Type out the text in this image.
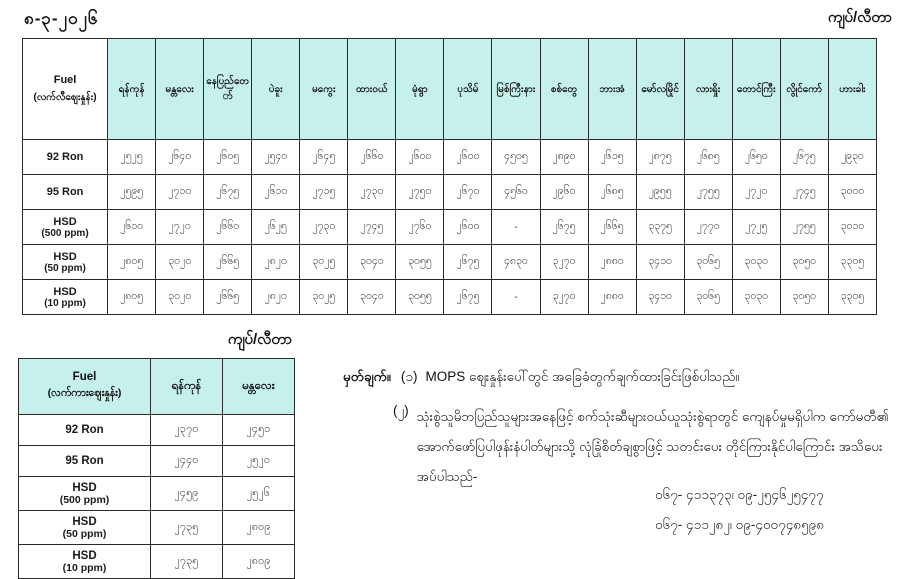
၈-၃-၂၀၂၆	ကျပ်/လီတာ
Fuel
(လက်လီဈေးနှုန်း)	ရန်ကုန်	မန္တလေး	နေပြည်တော်	ပဲခူး	မကွေး	ထားဝယ်	မုံရွာ	ပုသိမ်	မြစ်ကြီးနား	စစ်တွေ	ဘားအံ	မော်လမြိုင်	လားရှိုး	တောင်ကြီး	လွိုင်ကော်	ဟားခါး
92 Ron	၂၅၂၅	၂၆၄၀	၂၆၀၅	၂၅၄၀	၂၆၄၅	၂၆၆၀	၂၆၀၀	၂၆၀၀	၄၅၀၅	၂၈၉၀	၂၆၁၅	၂၈၇၅	၂၆၈၅	၂၆၅၀	၂၆၇၅	၂၉၃၀
95 Ron	၂၅၉၅	၂၇၁၀	၂၆၇၅	၂၆၁၀	၂၇၁၅	၂၇၃၀	၂၇၅၀	၂၆၇၀	၄၅၆၀	၂၉၆၀	၂၆၈၅	၂၉၅၅	၂၇၅၅	၂၇၂၀	၂၇၄၅	၃၀၀၀
HSD
(500 ppm)	၂၆၁၀	၂၇၂၀	၂၆၆၀	၂၆၂၅	၂၇၃၀	၂၇၄၅	၂၇၆၀	၂၆၀၀	-	၂၆၇၅	၂၆၆၅	၃၃၇၅	၂၇၇၀	၂၇၂၅	၂၇၅၅	၃၀၁၀
HSD
(50 ppm)	၂၈၀၅	၃၀၂၀	၂၆၆၅	၂၈၂၀	၃၀၂၅	၃၀၄၀	၃၀၅၅	၂၆၇၅	၄၈၃၀	၃၂၇၀	၂၈၈၀	၃၄၁၀	၃၀၆၅	၃၀၃၀	၃၀၅၀	၃၃၀၅
HSD
(10 ppm)	၂၈၀၅	၃၀၂၀	၂၆၆၅	၂၈၂၀	၃၀၂၅	၃၀၄၀	၃၀၅၅	၂၆၇၅	-	၃၂၇၀	၂၈၈၀	၃၄၁၀	၃၀၆၅	၃၀၃၀	၃၀၅၀	၃၃၀၅
ကျပ်/လီတာ
Fuel
(လက်ကားဈေးနှုန်း)	ရန်ကုန်	မန္တလေး
92 Ron	၂၃၇၀	၂၄၅၁
95 Ron	၂၄၄၀	၂၅၂၀
HSD
(500 ppm)	၂၄၅၉	၂၅၂၆
HSD
(50 ppm)	၂၇၃၅	၂၈၀၉
HSD
(10 ppm)	၂၇၃၅	၂၈၀၉
မှတ်ချက်။ (၁) MOPS ဈေးနှုန်းပေါ်တွင် အခြေခံတွက်ချက်ထားခြင်းဖြစ်ပါသည်။
(၂) သုံးစွဲသူမိဘပြည်သူများအနေဖြင့် စက်သုံးဆီများဝယ်ယူသုံးစွဲရာတွင် ကျေနပ်မှုမရှိပါက ကော်မတီ၏ အောက်ဖော်ပြပါဖုန်းနံပါတ်များသို့ လုံခြုံစိတ်ချစွာဖြင့် သတင်းပေး တိုင်ကြားနိုင်ပါကြောင်း အသိပေးအပ်ပါသည်-
၀၆၇- ၄၁၁၃၇၃၊ ၀၉-၂၅၄၆၂၅၄၇၇
၀၆၇- ၄၁၁၂၈၂၊ ၀၉-၄၀၀၇၄၈၅၉၈
